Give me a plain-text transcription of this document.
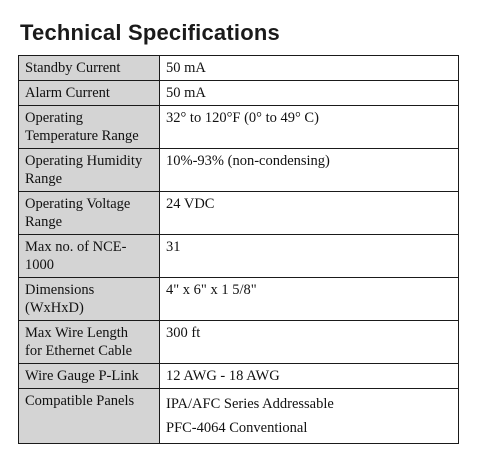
Technical Specifications
Standby Current	50 mA

Alarm Current	50 mA

Operating
Temperature Range	32° to 120°F (0° to 49° C)

Operating Humidity
Range	10%-93% (non-condensing)

Operating Voltage
Range	24 VDC

Max no. of NCE-
1000	31

Dimensions
(WxHxD)	4" x 6" x 1 5/8"

Max Wire Length
for Ethernet Cable	300 ft

Wire Gauge P-Link	12 AWG - 18 AWG

Compatible Panels	IPA/AFC Series Addressable
PFC-4064 Conventional
